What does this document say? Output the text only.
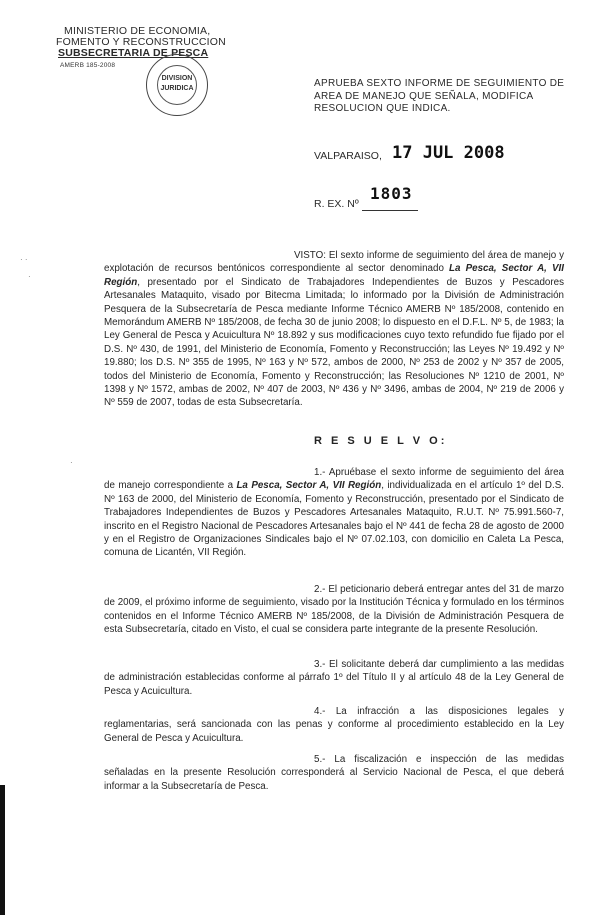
MINISTERIO DE ECONOMIA,
FOMENTO Y RECONSTRUCCION
SUBSECRETARIA DE PESCA
AMERB 185-2008
DIVISION
JURIDICA	APRUEBA SEXTO INFORME DE SEGUIMIENTO DE AREA DE MANEJO QUE SEÑALA, MODIFICA RESOLUCION QUE INDICA.
VALPARAISO, 17 JUL 2008
R. EX. Nº
1803
VISTO: El sexto informe de seguimiento del área de manejo y explotación de recursos bentónicos correspondiente al sector denominado La Pesca, Sector A, VII Región, presentado por el Sindicato de Trabajadores Independientes de Buzos y Pescadores Artesanales Mataquito, visado por Bitecma Limitada; lo informado por la División de Administración Pesquera de la Subsecretaría de Pesca mediante Informe Técnico AMERB Nº 185/2008, contenido en Memorándum AMERB Nº 185/2008, de fecha 30 de junio 2008; lo dispuesto en el D.F.L. Nº 5, de 1983; la Ley General de Pesca y Acuicultura Nº 18.892 y sus modificaciones cuyo texto refundido fue fijado por el D.S. Nº 430, de 1991, del Ministerio de Economía, Fomento y Reconstrucción; las Leyes Nº 19.492 y Nº 19.880; los D.S. Nº 355 de 1995, Nº 163 y Nº 572, ambos de 2000, Nº 253 de 2002 y Nº 357 de 2005, todos del Ministerio de Economía, Fomento y Reconstrucción; las Resoluciones Nº 1210 de 2001, Nº 1398 y Nº 1572, ambas de 2002, Nº 407 de 2003, Nº 436 y Nº 3496, ambas de 2004, Nº 219 de 2006 y Nº 559 de 2007, todas de esta Subsecretaría.
R E S U E L V O:
1.- Apruébase el sexto informe de seguimiento del área de manejo correspondiente a La Pesca, Sector A, VII Región, individualizada en el artículo 1º del D.S. Nº 163 de 2000, del Ministerio de Economía, Fomento y Reconstrucción, presentado por el Sindicato de Trabajadores Independientes de Buzos y Pescadores Artesanales Mataquito, R.U.T. Nº 75.991.560-7, inscrito en el Registro Nacional de Pescadores Artesanales bajo el Nº 441 de fecha 28 de agosto de 2000 y en el Registro de Organizaciones Sindicales bajo el Nº 07.02.103, con domicilio en Caleta La Pesca, comuna de Licantén, VII Región.
2.- El peticionario deberá entregar antes del 31 de marzo de 2009, el próximo informe de seguimiento, visado por la Institución Técnica y formulado en los términos contenidos en el Informe Técnico AMERB Nº 185/2008, de la División de Administración Pesquera de esta Subsecretaría, citado en Visto, el cual se considera parte integrante de la presente Resolución.
3.- El solicitante deberá dar cumplimiento a las medidas de administración establecidas conforme al párrafo 1º del Título II y al artículo 48 de la Ley General de Pesca y Acuicultura.
4.- La infracción a las disposiciones legales y reglamentarias, será sancionada con las penas y conforme al procedimiento establecido en la Ley General de Pesca y Acuicultura.
5.- La fiscalización e inspección de las medidas señaladas en la presente Resolución corresponderá al Servicio Nacional de Pesca, el que deberá informar a la Subsecretaría de Pesca.
· ·
·
·
